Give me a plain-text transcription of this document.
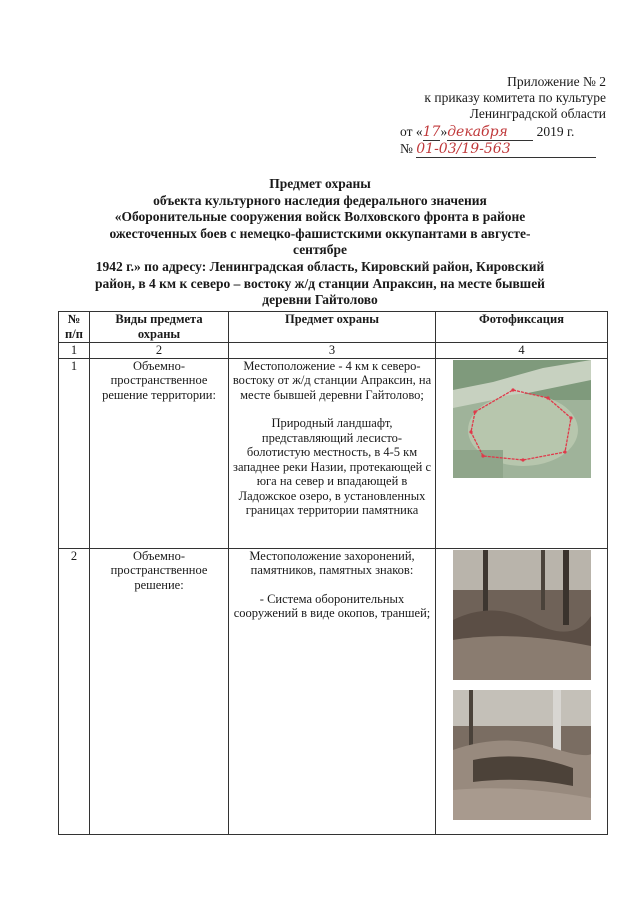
Приложение № 2
к приказу комитета по культуре
Ленинградской области
от «17»декабря 2019 г.
№ 01-03/19-563
Предмет охраны
объекта культурного наследия федерального значения
«Оборонительные сооружения войск Волховского фронта в районе
ожесточенных боев с немецко-фашистскими оккупантами в августе-сентябре
1942 г.» по адресу: Ленинградская область, Кировский район, Кировский
район, в 4 км к северо – востоку ж/д станции Апраксин, на месте бывшей
деревни Гайтолово
№ п/п	Виды предмета охраны	Предмет охраны	Фотофиксация
1	2	3	4
1	Объемно-пространственное решение территории:	Местоположение - 4 км к северо-востоку от ж/д станции Апраксин, на месте бывшей деревни Гайтолово;
Природный ландшафт, представляющий лесисто-болотистую местность, в 4-5 км западнее реки Назии, протекающей с юга на север и впадающей в Ладожское озеро, в установленных границах территории памятника

2	Объемно-пространственное решение:	Местоположение захоронений, памятников, памятных знаков:
- Система оборонительных сооружений в виде окопов, траншей;
